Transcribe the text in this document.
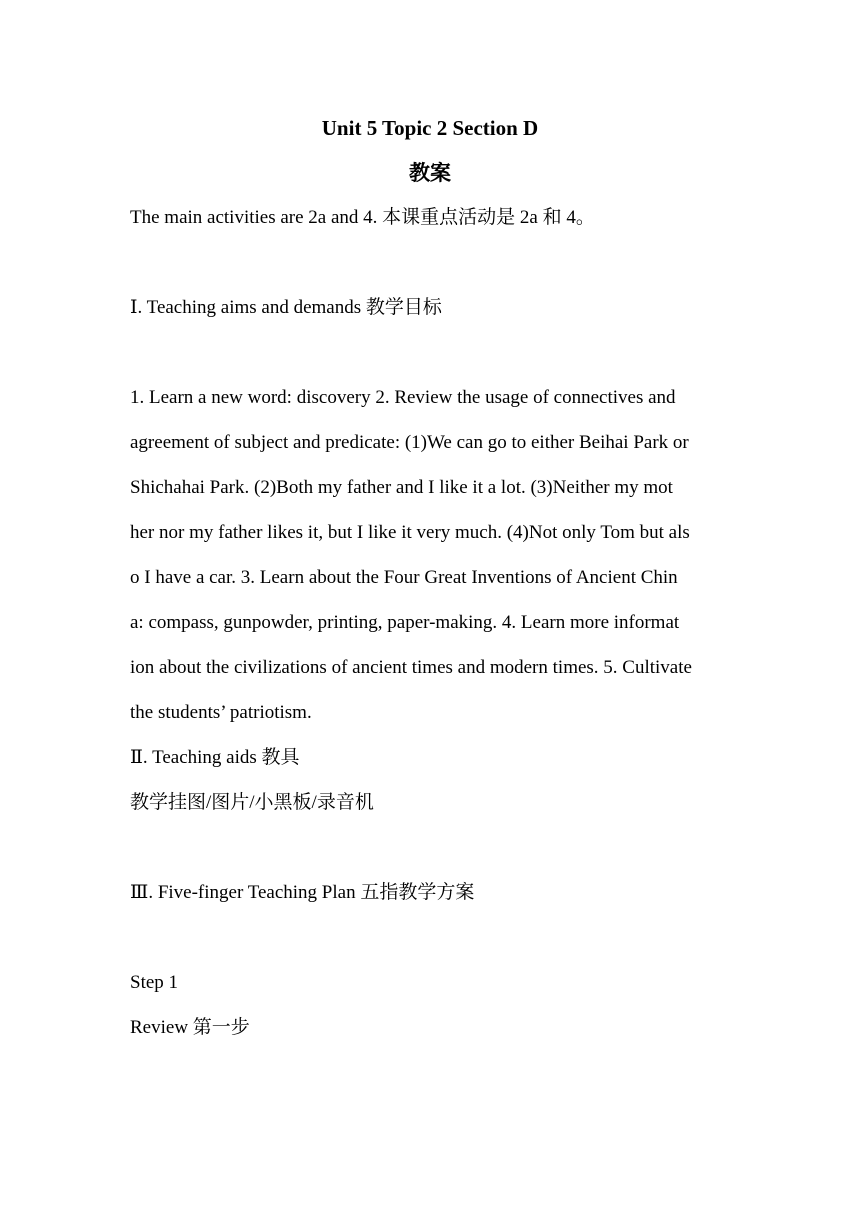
Unit 5 Topic 2 Section D
教案
The main activities are 2a and 4. 本课重点活动是 2a 和 4。
Ⅰ. Teaching aims and demands 教学目标
1. Learn a new word: discovery 2. Review the usage of connectives and
agreement of subject and predicate: (1)We can go to either Beihai Park or
Shichahai Park. (2)Both my father and I like it a lot. (3)Neither my mot
her nor my father likes it, but I like it very much. (4)Not only Tom but als
o I have a car. 3. Learn about the Four Great Inventions of Ancient Chin
a: compass, gunpowder, printing, paper-making. 4. Learn more informat
ion about the civilizations of ancient times and modern times. 5. Cultivate
the students’ patriotism.
Ⅱ. Teaching aids 教具
教学挂图/图片/小黑板/录音机
Ⅲ. Five-finger Teaching Plan 五指教学方案
Step 1
Review 第一步
